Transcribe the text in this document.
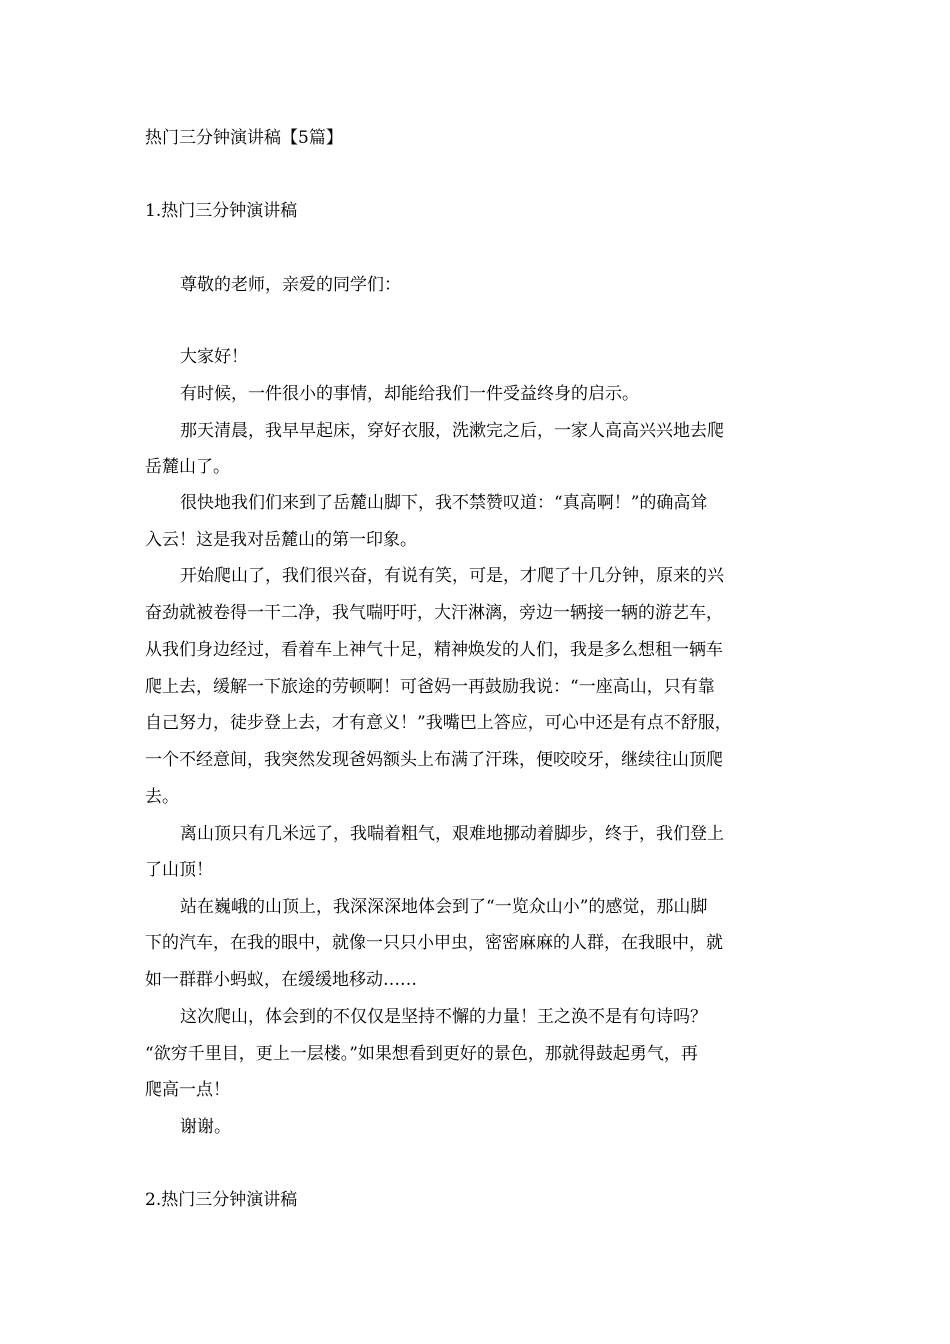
热门三分钟演讲稿【5篇】
1.热门三分钟演讲稿
尊敬的老师，亲爱的同学们：
大家好！
有时候，一件很小的事情，却能给我们一件受益终身的启示。
那天清晨，我早早起床，穿好衣服，洗漱完之后，一家人高高兴兴地去爬
岳麓山了。
很快地我们们来到了岳麓山脚下，我不禁赞叹道：“真高啊！”的确高耸
入云！这是我对岳麓山的第一印象。
开始爬山了，我们很兴奋，有说有笑，可是，才爬了十几分钟，原来的兴
奋劲就被卷得一干二净，我气喘吁吁，大汗淋漓，旁边一辆接一辆的游艺车，
从我们身边经过，看着车上神气十足，精神焕发的人们，我是多么想租一辆车
爬上去，缓解一下旅途的劳顿啊！可爸妈一再鼓励我说：“一座高山，只有靠
自己努力，徒步登上去，才有意义！”我嘴巴上答应，可心中还是有点不舒服，
一个不经意间，我突然发现爸妈额头上布满了汗珠，便咬咬牙，继续往山顶爬
去。
离山顶只有几米远了，我喘着粗气，艰难地挪动着脚步，终于，我们登上
了山顶！
站在巍峨的山顶上，我深深深地体会到了“一览众山小”的感觉，那山脚
下的汽车，在我的眼中，就像一只只小甲虫，密密麻麻的人群，在我眼中，就
如一群群小蚂蚁，在缓缓地移动……
这次爬山，体会到的不仅仅是坚持不懈的力量！王之涣不是有句诗吗？
“欲穷千里目，更上一层楼。”如果想看到更好的景色，那就得鼓起勇气，再
爬高一点！
谢谢。
2.热门三分钟演讲稿
